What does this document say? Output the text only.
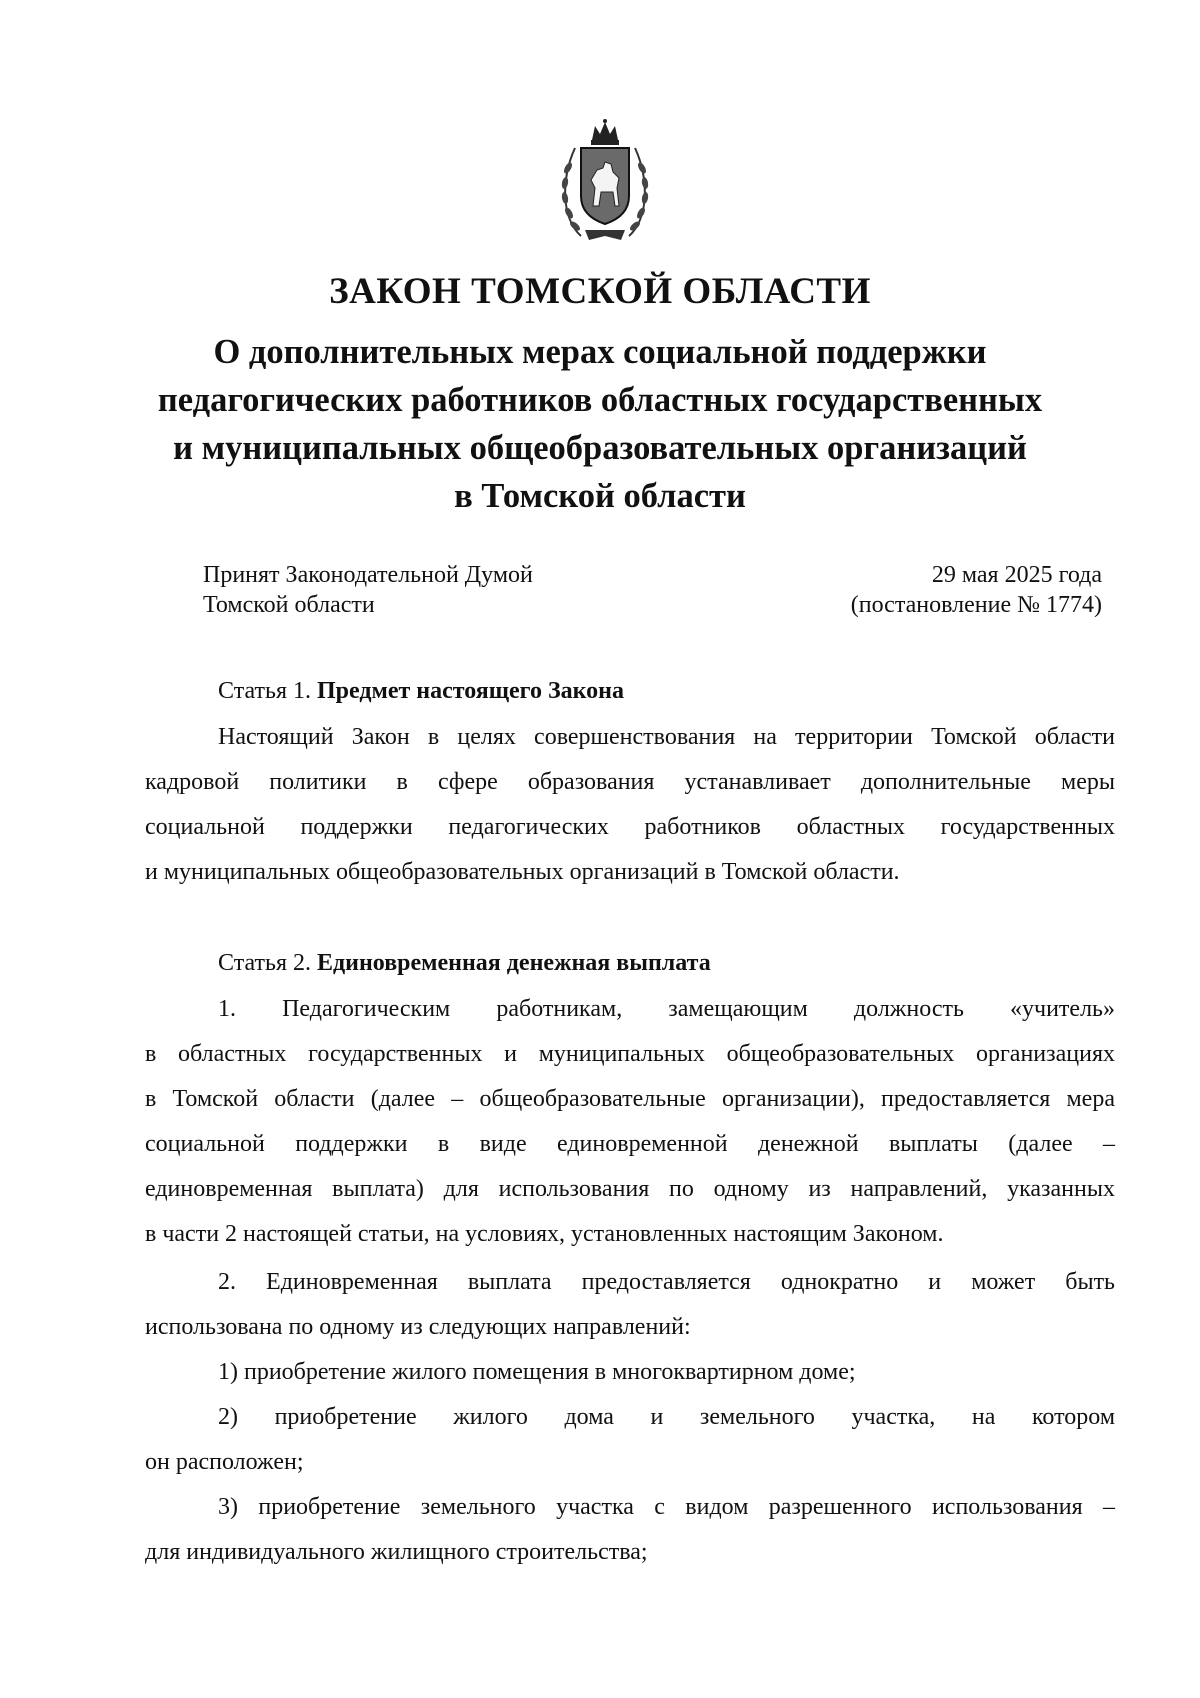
ЗАКОН ТОМСКОЙ ОБЛАСТИ
О дополнительных мерах социальной поддержки
педагогических работников областных государственных
и муниципальных общеобразовательных организаций
в Томской области
Принят Законодательной Думой
Томской области
29 мая 2025 года
(постановление № 1774)
Статья 1. Предмет настоящего Закона
Настоящий Закон в целях совершенствования на территории Томской области
кадровой политики в сфере образования устанавливает дополнительные меры
социальной поддержки педагогических работников областных государственных
и муниципальных общеобразовательных организаций в Томской области.
Статья 2. Единовременная денежная выплата
1. Педагогическим работникам, замещающим должность «учитель»
в областных государственных и муниципальных общеобразовательных организациях
в Томской области (далее – общеобразовательные организации), предоставляется мера
социальной поддержки в виде единовременной денежной выплаты (далее –
единовременная выплата) для использования по одному из направлений, указанных
в части 2 настоящей статьи, на условиях, установленных настоящим Законом.
2. Единовременная выплата предоставляется однократно и может быть
использована по одному из следующих направлений:
1) приобретение жилого помещения в многоквартирном доме;
2) приобретение жилого дома и земельного участка, на котором
он расположен;
3) приобретение земельного участка с видом разрешенного использования –
для индивидуального жилищного строительства;
